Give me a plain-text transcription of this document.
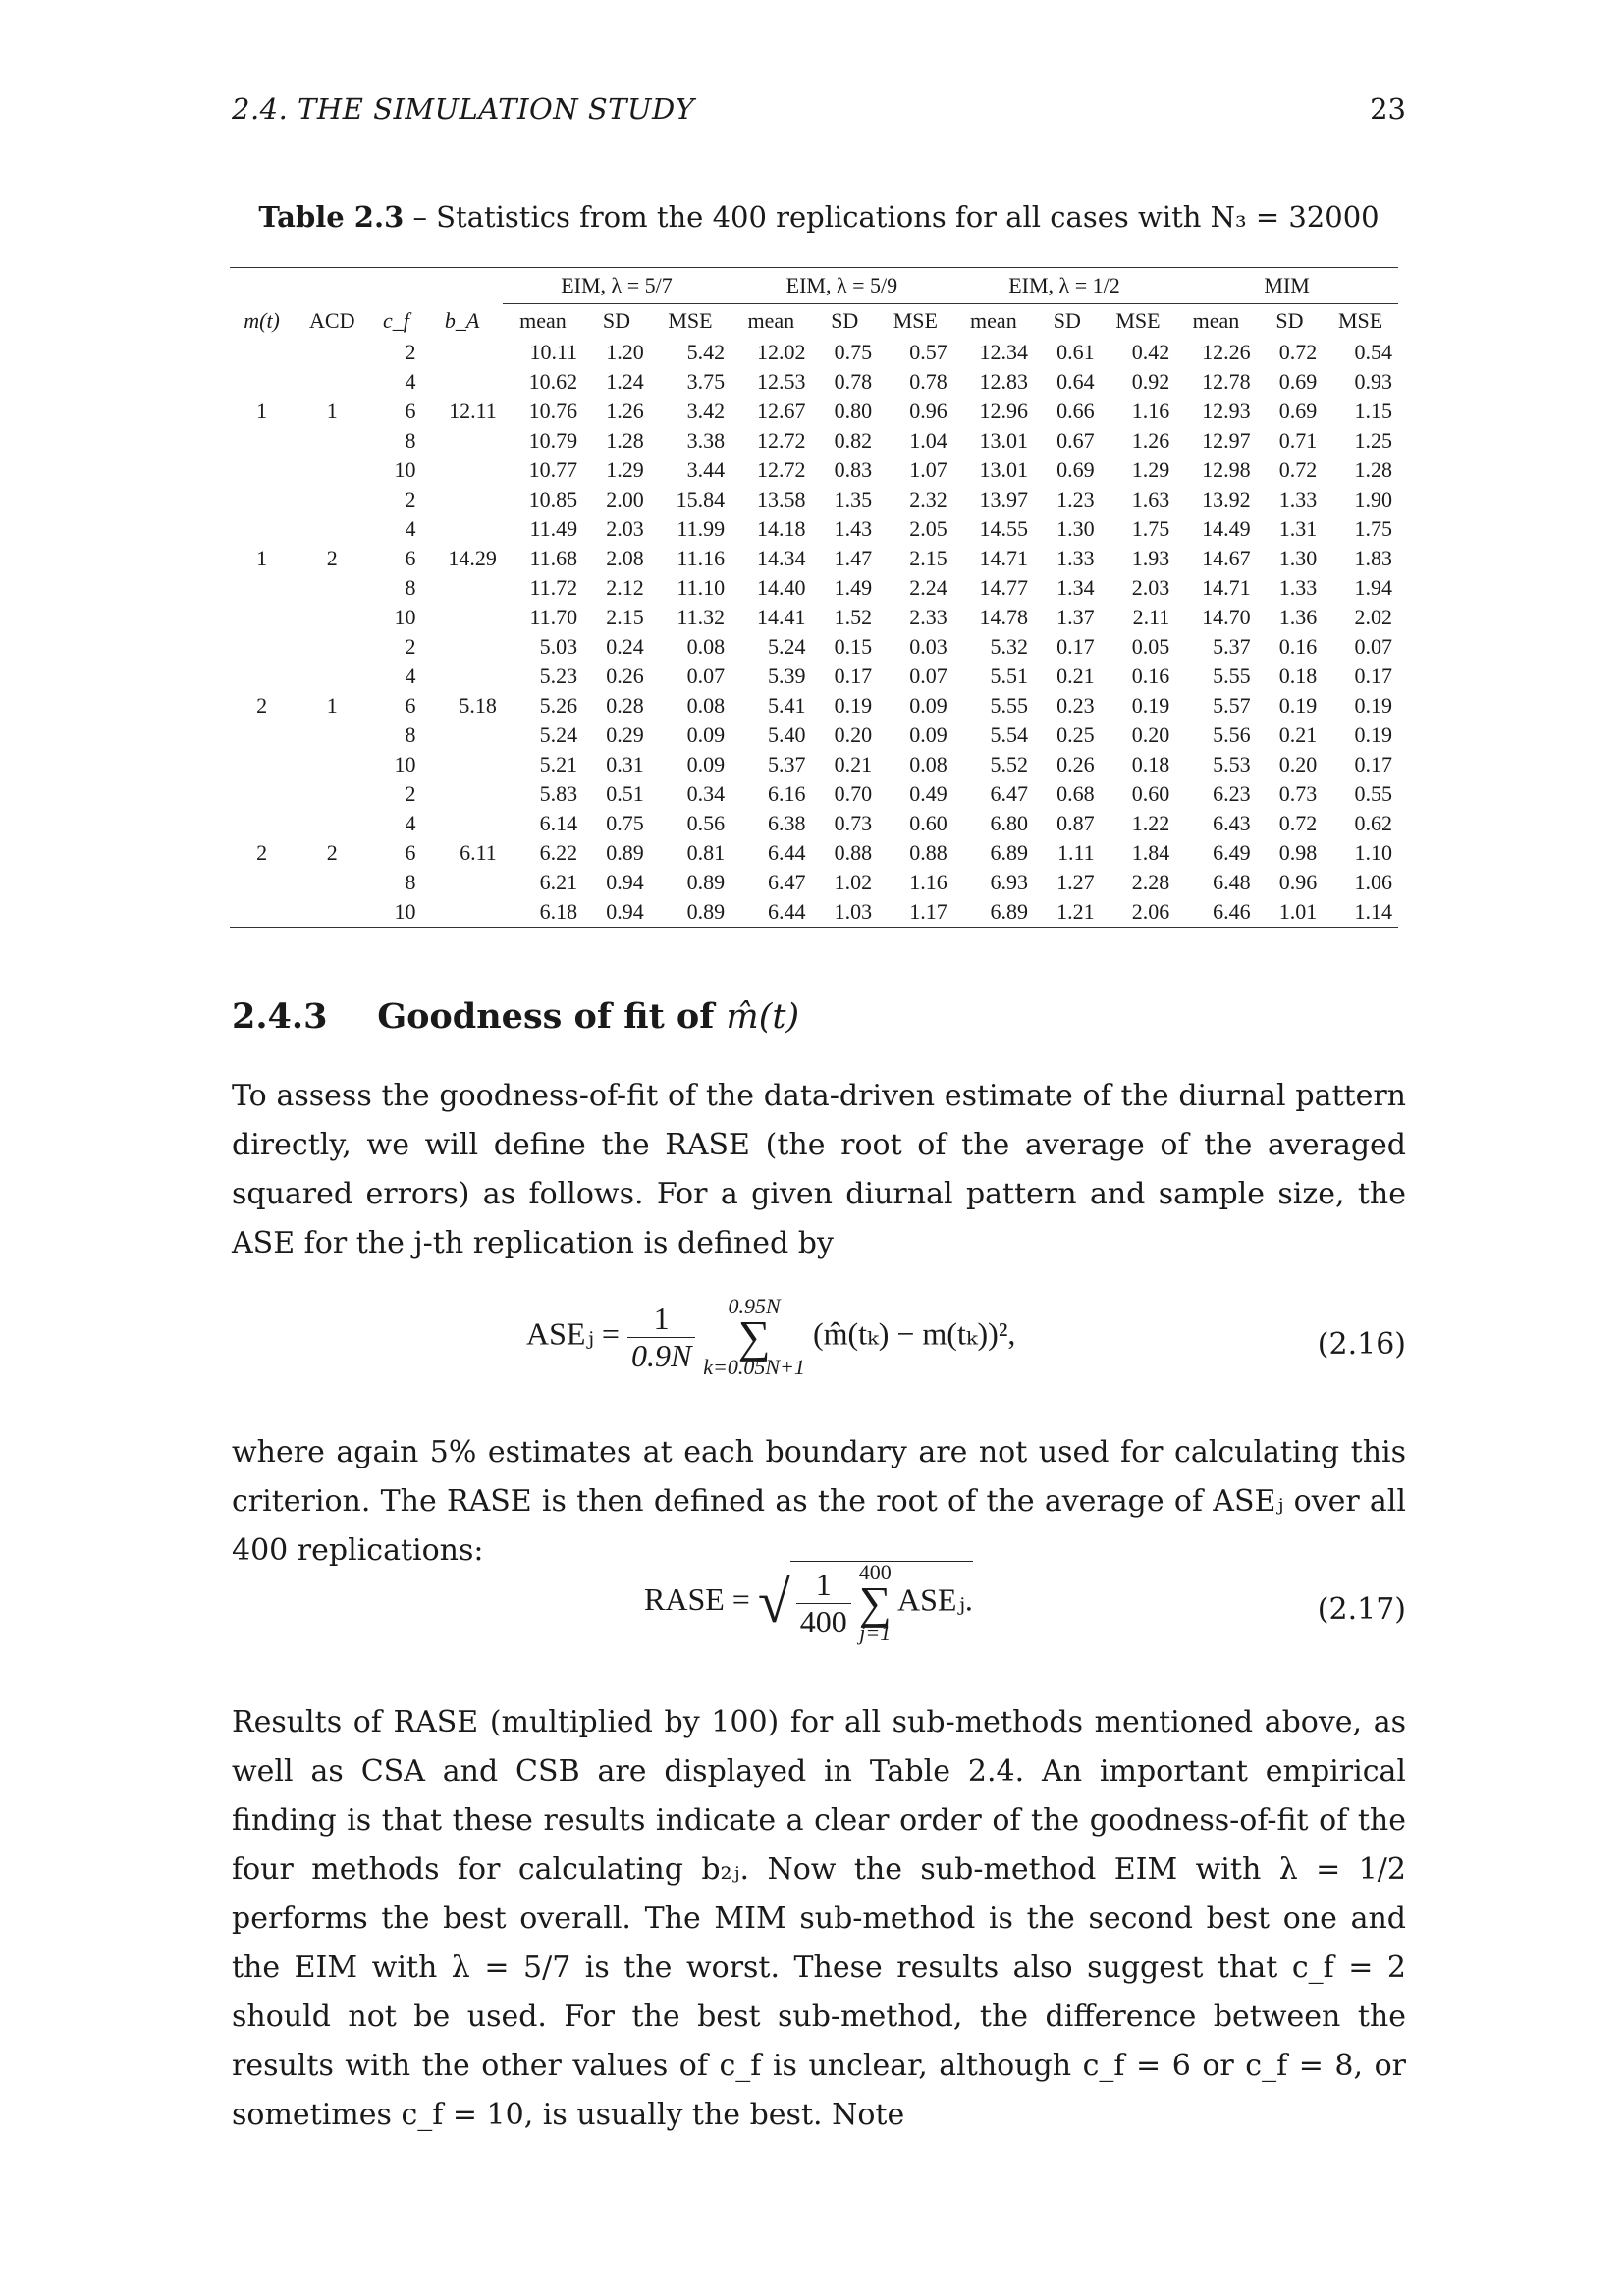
2.4. THE SIMULATION STUDY	23
Table 2.3 – Statistics from the 400 replications for all cases with N₃ = 32000
				EIM, λ = 5/7			EIM, λ = 5/9			EIM, λ = 1/2			MIM		
m(t)	ACD	c_f	b_A	mean	SD	MSE	mean	SD	MSE	mean	SD	MSE	mean	SD	MSE
		2		10.11	1.20	5.42	12.02	0.75	0.57	12.34	0.61	0.42	12.26	0.72	0.54
		4		10.62	1.24	3.75	12.53	0.78	0.78	12.83	0.64	0.92	12.78	0.69	0.93
1	1	6	12.11	10.76	1.26	3.42	12.67	0.80	0.96	12.96	0.66	1.16	12.93	0.69	1.15
		8		10.79	1.28	3.38	12.72	0.82	1.04	13.01	0.67	1.26	12.97	0.71	1.25
		10		10.77	1.29	3.44	12.72	0.83	1.07	13.01	0.69	1.29	12.98	0.72	1.28
		2		10.85	2.00	15.84	13.58	1.35	2.32	13.97	1.23	1.63	13.92	1.33	1.90
		4		11.49	2.03	11.99	14.18	1.43	2.05	14.55	1.30	1.75	14.49	1.31	1.75
1	2	6	14.29	11.68	2.08	11.16	14.34	1.47	2.15	14.71	1.33	1.93	14.67	1.30	1.83
		8		11.72	2.12	11.10	14.40	1.49	2.24	14.77	1.34	2.03	14.71	1.33	1.94
		10		11.70	2.15	11.32	14.41	1.52	2.33	14.78	1.37	2.11	14.70	1.36	2.02
		2		5.03	0.24	0.08	5.24	0.15	0.03	5.32	0.17	0.05	5.37	0.16	0.07
		4		5.23	0.26	0.07	5.39	0.17	0.07	5.51	0.21	0.16	5.55	0.18	0.17
2	1	6	5.18	5.26	0.28	0.08	5.41	0.19	0.09	5.55	0.23	0.19	5.57	0.19	0.19
		8		5.24	0.29	0.09	5.40	0.20	0.09	5.54	0.25	0.20	5.56	0.21	0.19
		10		5.21	0.31	0.09	5.37	0.21	0.08	5.52	0.26	0.18	5.53	0.20	0.17
		2		5.83	0.51	0.34	6.16	0.70	0.49	6.47	0.68	0.60	6.23	0.73	0.55
		4		6.14	0.75	0.56	6.38	0.73	0.60	6.80	0.87	1.22	6.43	0.72	0.62
2	2	6	6.11	6.22	0.89	0.81	6.44	0.88	0.88	6.89	1.11	1.84	6.49	0.98	1.10
		8		6.21	0.94	0.89	6.47	1.02	1.16	6.93	1.27	2.28	6.48	0.96	1.06
		10		6.18	0.94	0.89	6.44	1.03	1.17	6.89	1.21	2.06	6.46	1.01	1.14
2.4.3 Goodness of fit of m̂(t)
To assess the goodness-of-fit of the data-driven estimate of the diurnal pattern directly, we will define the RASE (the root of the average of the averaged squared errors) as follows. For a given diurnal pattern and sample size, the ASE for the j-th replication is defined by
ASEⱼ = $\frac{1}{0.9N} 0.95N$
∑
k=0.05N+1 (m̂(tₖ) − m(tₖ))²,	(2.16)
where again 5% estimates at each boundary are not used for calculating this criterion. The RASE is then defined as the root of the average of ASEⱼ over all 400 replications:
RASE = √ $\frac{1}{400} 400$
∑
j=1 ASEⱼ.	(2.17)
Results of RASE (multiplied by 100) for all sub-methods mentioned above, as well as CSA and CSB are displayed in Table 2.4. An important empirical finding is that these results indicate a clear order of the goodness-of-fit of the four methods for calculating b₂ⱼ. Now the sub-method EIM with λ = 1/2 performs the best overall. The MIM sub-method is the second best one and the EIM with λ = 5/7 is the worst. These results also suggest that c_f = 2 should not be used. For the best sub-method, the difference between the results with the other values of c_f is unclear, although c_f = 6 or c_f = 8, or sometimes c_f = 10, is usually the best. Note
